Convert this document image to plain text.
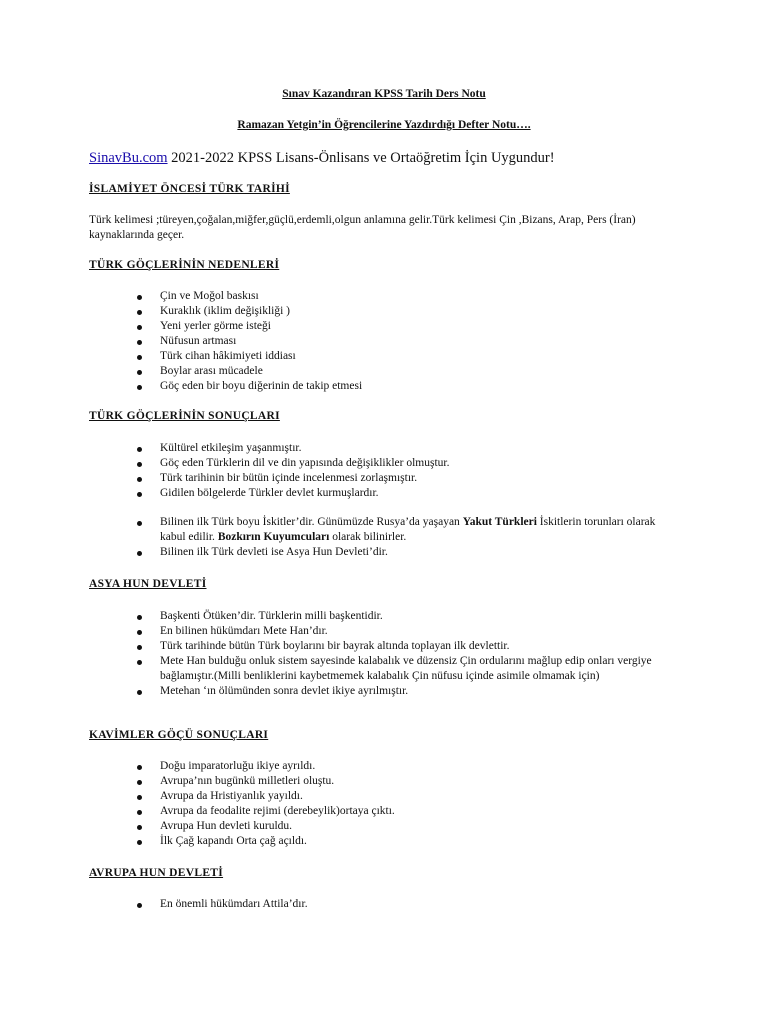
Sınav Kazandıran KPSS Tarih Ders Notu
Ramazan Yetgin’in Öğrencilerine Yazdırdığı Defter Notu….
SinavBu.com 2021-2022 KPSS Lisans-Önlisans ve Ortaöğretim İçin Uygundur!
İSLAMİYET ÖNCESİ TÜRK TARİHİ
Türk kelimesi ;türeyen,çoğalan,miğfer,güçlü,erdemli,olgun anlamına gelir.Türk kelimesi Çin ,Bizans, Arap, Pers (İran) kaynaklarında geçer.
TÜRK GÖÇLERİNİN NEDENLERİ
Çin ve Moğol baskısı
Kuraklık (iklim değişikliği )
Yeni yerler görme isteği
Nüfusun artması
Türk cihan hâkimiyeti iddiası
Boylar arası mücadele
Göç eden bir boyu diğerinin de takip etmesi
TÜRK GÖÇLERİNİN SONUÇLARI
Kültürel etkileşim yaşanmıştır.
Göç eden Türklerin dil ve din yapısında değişiklikler olmuştur.
Türk tarihinin bir bütün içinde incelenmesi zorlaşmıştır.
Gidilen bölgelerde Türkler devlet kurmuşlardır.
Bilinen ilk Türk boyu İskitler’dir. Günümüzde Rusya’da yaşayan Yakut Türkleri İskitlerin torunları olarak kabul edilir. Bozkırın Kuyumcuları olarak bilinirler.
Bilinen ilk Türk devleti ise Asya Hun Devleti’dir.
ASYA HUN DEVLETİ
Başkenti Ötüken’dir. Türklerin milli başkentidir.
En bilinen hükümdarı Mete Han’dır.
Türk tarihinde bütün Türk boylarını bir bayrak altında toplayan ilk devlettir.
Mete Han bulduğu onluk sistem sayesinde kalabalık ve düzensiz Çin ordularını mağlup edip onları vergiye bağlamıştır.(Milli benliklerini kaybetmemek kalabalık Çin nüfusu içinde asimile olmamak için)
Metehan ‘ın ölümünden sonra devlet ikiye ayrılmıştır.
KAVİMLER GÖÇÜ SONUÇLARI
Doğu imparatorluğu ikiye ayrıldı.
Avrupa’nın bugünkü milletleri oluştu.
Avrupa da Hristiyanlık yayıldı.
Avrupa da feodalite rejimi (derebeylik)ortaya çıktı.
Avrupa Hun devleti kuruldu.
İlk Çağ kapandı Orta çağ açıldı.
AVRUPA HUN DEVLETİ
En önemli hükümdarı Attila’dır.
